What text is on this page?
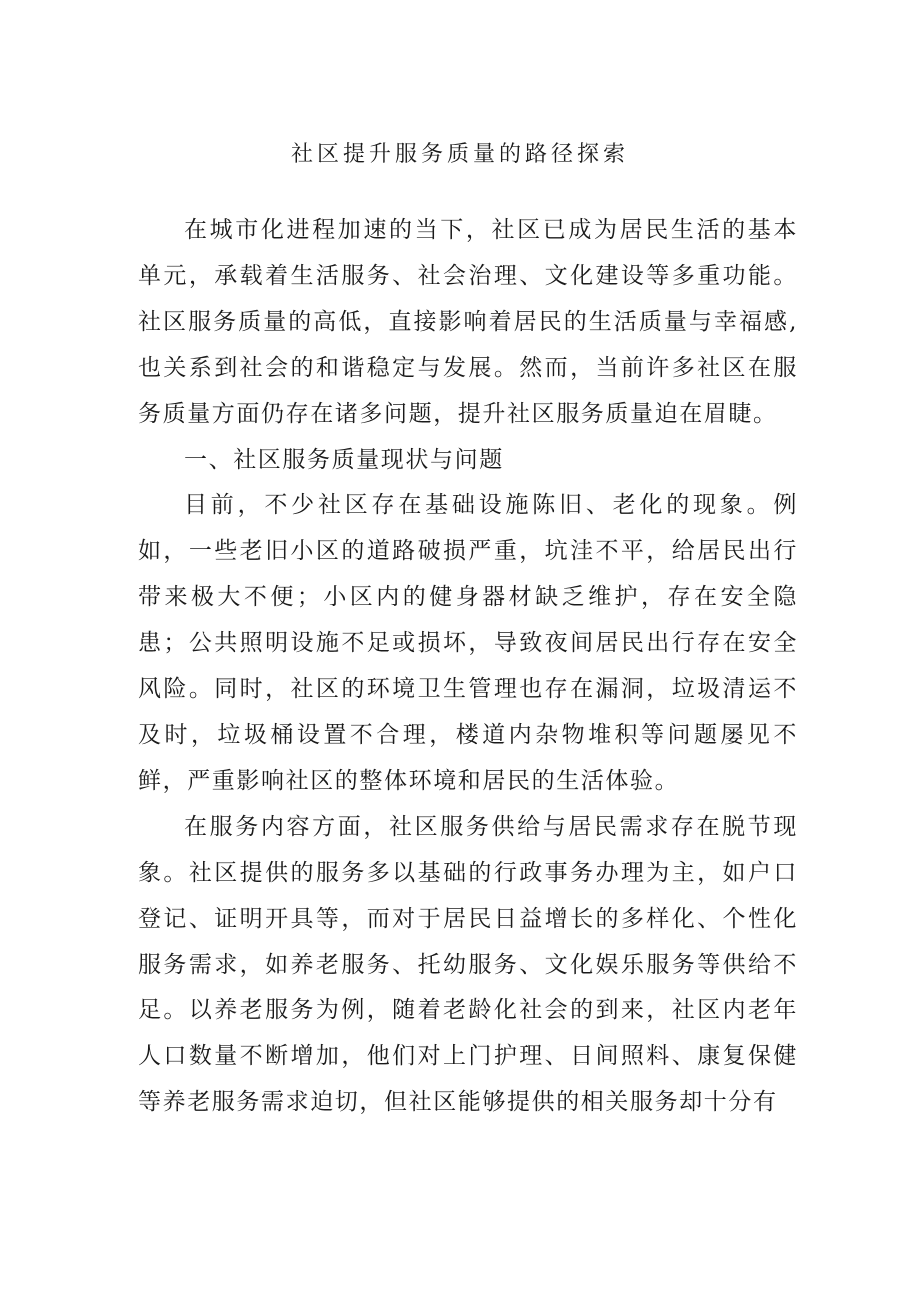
社区提升服务质量的路径探索

在城市化进程加速的当下，社区已成为居民生活的基本单元，承载着生活服务、社会治理、文化建设等多重功能。社区服务质量的高低，直接影响着居民的生活质量与幸福感,也关系到社会的和谐稳定与发展。然而，当前许多社区在服务质量方面仍存在诸多问题，提升社区服务质量迫在眉睫。

一、社区服务质量现状与问题

目前，不少社区存在基础设施陈旧、老化的现象。例如，一些老旧小区的道路破损严重，坑洼不平，给居民出行带来极大不便；小区内的健身器材缺乏维护，存在安全隐患；公共照明设施不足或损坏，导致夜间居民出行存在安全风险。同时，社区的环境卫生管理也存在漏洞，垃圾清运不及时，垃圾桶设置不合理，楼道内杂物堆积等问题屡见不鲜，严重影响社区的整体环境和居民的生活体验。

在服务内容方面，社区服务供给与居民需求存在脱节现象。社区提供的服务多以基础的行政事务办理为主，如户口登记、证明开具等，而对于居民日益增长的多样化、个性化服务需求，如养老服务、托幼服务、文化娱乐服务等供给不足。以养老服务为例，随着老龄化社会的到来，社区内老年人口数量不断增加，他们对上门护理、日间照料、康复保健等养老服务需求迫切，但社区能够提供的相关服务却十分有
